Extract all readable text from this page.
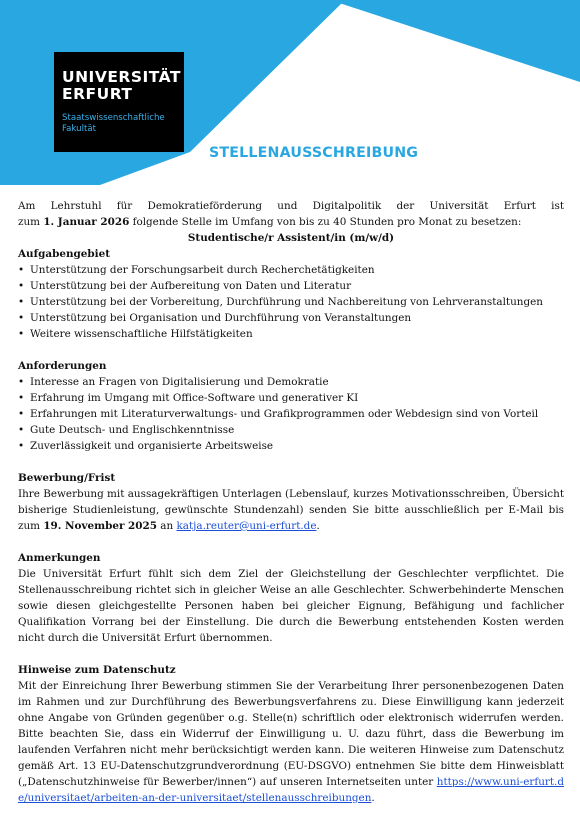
UNIVERSITÄT
ERFURT
Staatswissenschaftliche
Fakultät
STELLENAUSSCHREIBUNG
Am Lehrstuhl für Demokratieförderung und Digitalpolitik der Universität Erfurt ist
zum 1. Januar 2026 folgende Stelle im Umfang von bis zu 40 Stunden pro Monat zu besetzen:
Studentische/r Assistent/in (m/w/d)
Aufgabengebiet
• Unterstützung der Forschungsarbeit durch Recherchetätigkeiten
• Unterstützung bei der Aufbereitung von Daten und Literatur
• Unterstützung bei der Vorbereitung, Durchführung und Nachbereitung von Lehrveranstaltungen
• Unterstützung bei Organisation und Durchführung von Veranstaltungen
• Weitere wissenschaftliche Hilfstätigkeiten
Anforderungen
• Interesse an Fragen von Digitalisierung und Demokratie
• Erfahrung im Umgang mit Office-Software und generativer KI
• Erfahrungen mit Literaturverwaltungs- und Grafikprogrammen oder Webdesign sind von Vorteil
• Gute Deutsch- und Englischkenntnisse
• Zuverlässigkeit und organisierte Arbeitsweise
Bewerbung/Frist
Ihre Bewerbung mit aussagekräftigen Unterlagen (Lebenslauf, kurzes Motivationsschreiben, Übersicht bisherige Studienleistung, gewünschte Stundenzahl) senden Sie bitte ausschließlich per E-Mail bis zum 19. November 2025 an katja.reuter@uni-erfurt.de.
Anmerkungen
Die Universität Erfurt fühlt sich dem Ziel der Gleichstellung der Geschlechter verpflichtet. Die Stellenausschreibung richtet sich in gleicher Weise an alle Geschlechter. Schwerbehinderte Menschen sowie diesen gleichgestellte Personen haben bei gleicher Eignung, Befähigung und fachlicher Qualifikation Vorrang bei der Einstellung. Die durch die Bewerbung entstehenden Kosten werden nicht durch die Universität Erfurt übernommen.
Hinweise zum Datenschutz
Mit der Einreichung Ihrer Bewerbung stimmen Sie der Verarbeitung Ihrer personenbezogenen Daten im Rahmen und zur Durchführung des Bewerbungsverfahrens zu. Diese Einwilligung kann jederzeit ohne Angabe von Gründen gegenüber o.g. Stelle(n) schriftlich oder elektronisch widerrufen werden. Bitte beachten Sie, dass ein Widerruf der Einwilligung u. U. dazu führt, dass die Bewerbung im laufenden Verfahren nicht mehr berücksichtigt werden kann. Die weiteren Hinweise zum Datenschutz gemäß Art. 13 EU-Datenschutzgrundverordnung (EU-DSGVO) entnehmen Sie bitte dem Hinweisblatt („Datenschutzhinweise für Bewerber/innen“) auf unseren Internetseiten unter https://www.uni-erfurt.de/universitaet/arbeiten-an-der-universitaet/stellenausschreibungen.
